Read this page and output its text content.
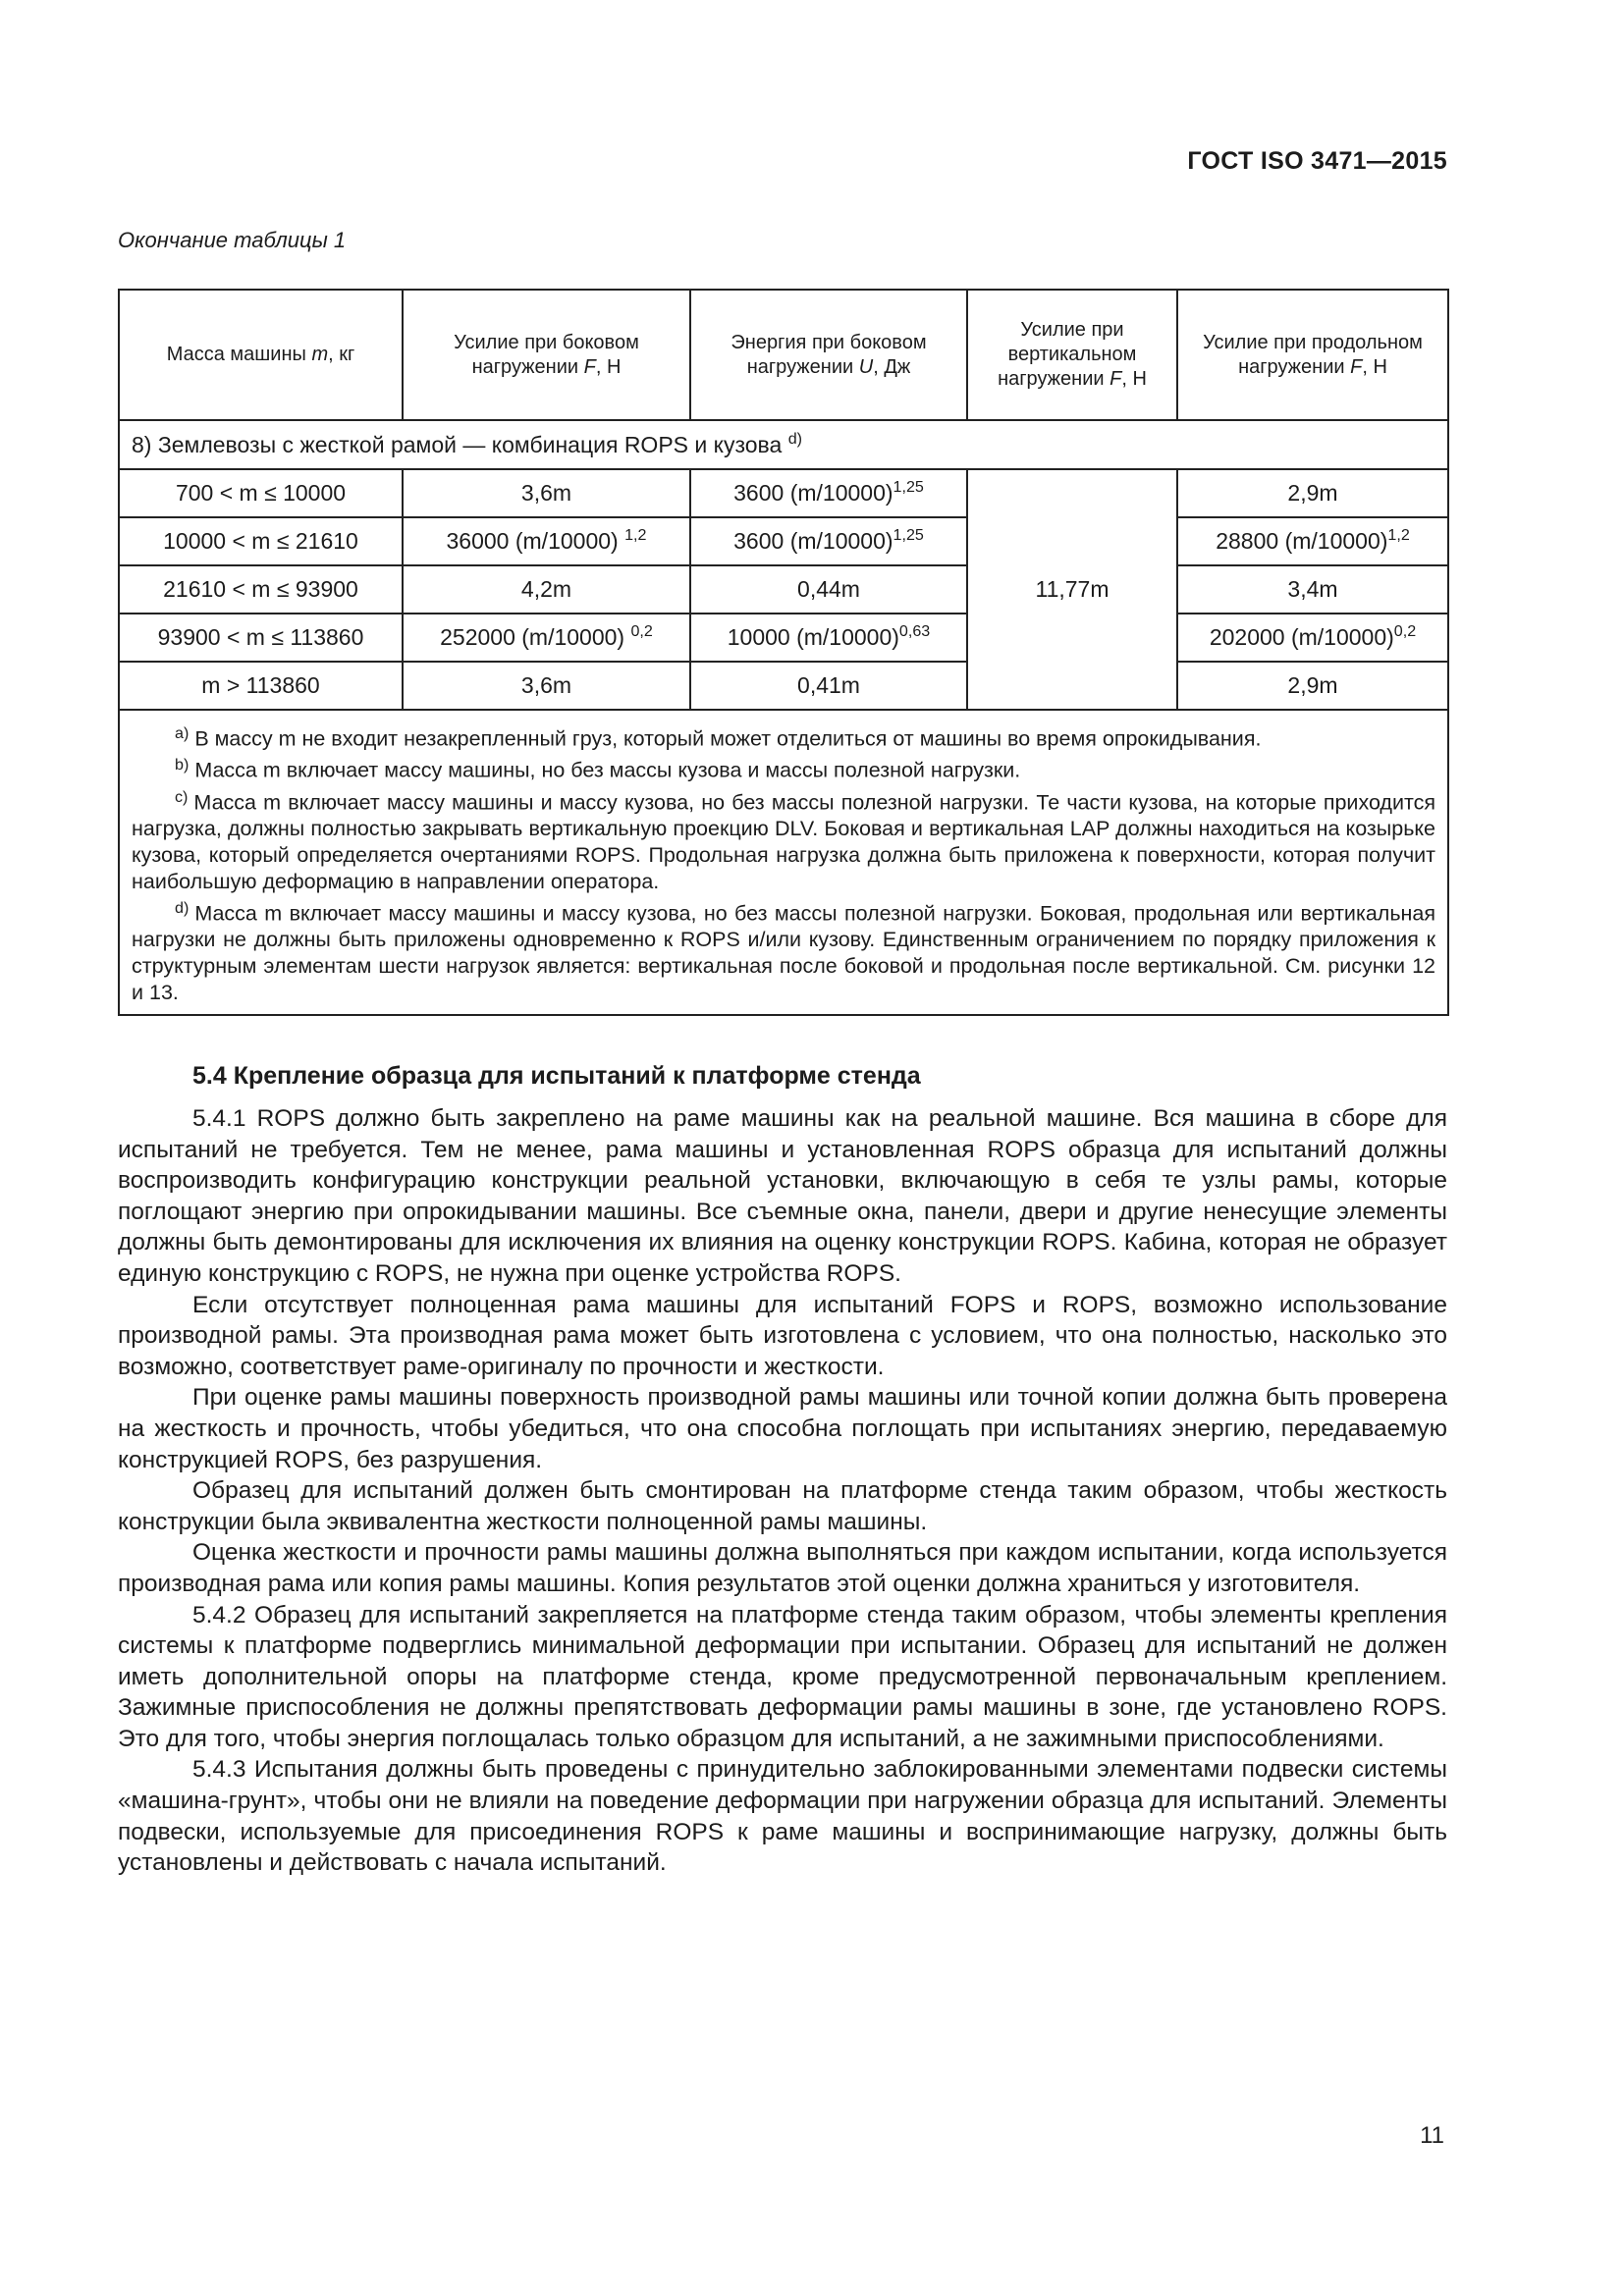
ГОСТ ISO 3471—2015
Окончание таблицы 1
Масса машины m, кг	Усилие при боковом нагружении F, Н	Энергия при боковом нагружении U, Дж	Усилие при вертикальном нагружении F, Н	Усилие при продольном нагружении F, Н
8) Землевозы с жесткой рамой — комбинация ROPS и кузова $^{d)}$
700 < m ≤ 10000	3,6m	3600 $(m/10000)^{1,25}$	11,77m	2,9m
10000 < m ≤ 21610	36000 (m/10000) $^{1,2}$	3600 $(m/10000)^{1,25}$		28800 $(m/10000)^{1,2}$
21610 < m ≤ 93900	4,2m	0,44m		3,4m
93900 < m ≤ 113860	252000 (m/10000) $^{0,2}$	10000 $(m/10000)^{0,63}$		202000 $(m/10000)^{0,2}$
m > 113860	3,6m	0,41m		2,9m

$^{a)}$ В массу m не входит незакрепленный груз, который может отделиться от машины во время опрокидывания.

$^{b)}$ Масса m включает массу машины, но без массы кузова и массы полезной нагрузки.

$^{c)}$ Масса m включает массу машины и массу кузова, но без массы полезной нагрузки. Те части кузова, на которые приходится нагрузка, должны полностью закрывать вертикальную проекцию DLV. Боковая и вертикальная LAP должны находиться на козырьке кузова, который определяется очертаниями ROPS. Продольная нагрузка должна быть приложена к поверхности, которая получит наибольшую деформацию в направлении оператора.

$^{d)}$ Масса m включает массу машины и массу кузова, но без массы полезной нагрузки. Боковая, продольная или вертикальная нагрузки не должны быть приложены одновременно к ROPS и/или кузову. Единственным ограничением по порядку приложения к структурным элементам шести нагрузок является: вертикальная после боковой и продольная после вертикальной. См. рисунки 12 и 13.				

5.4 Крепление образца для испытаний к платформе стенда

5.4.1 ROPS должно быть закреплено на раме машины как на реальной машине. Вся машина в сборе для испытаний не требуется. Тем не менее, рама машины и установленная ROPS образца для испытаний должны воспроизводить конфигурацию конструкции реальной установки, включающую в себя те узлы рамы, которые поглощают энергию при опрокидывании машины. Все съемные окна, панели, двери и другие ненесущие элементы должны быть демонтированы для исключения их влияния на оценку конструкции ROPS. Кабина, которая не образует единую конструкцию с ROPS, не нужна при оценке устройства ROPS.

Если отсутствует полноценная рама машины для испытаний FOPS и ROPS, возможно использование производной рамы. Эта производная рама может быть изготовлена с условием, что она полностью, насколько это возможно, соответствует раме-оригиналу по прочности и жесткости.

При оценке рамы машины поверхность производной рамы машины или точной копии должна быть проверена на жесткость и прочность, чтобы убедиться, что она способна поглощать при испытаниях энергию, передаваемую конструкцией ROPS, без разрушения.

Образец для испытаний должен быть смонтирован на платформе стенда таким образом, чтобы жесткость конструкции была эквивалентна жесткости полноценной рамы машины.

Оценка жесткости и прочности рамы машины должна выполняться при каждом испытании, когда используется производная рама или копия рамы машины. Копия результатов этой оценки должна храниться у изготовителя.

5.4.2 Образец для испытаний закрепляется на платформе стенда таким образом, чтобы элементы крепления системы к платформе подверглись минимальной деформации при испытании. Образец для испытаний не должен иметь дополнительной опоры на платформе стенда, кроме предусмотренной первоначальным креплением. Зажимные приспособления не должны препятствовать деформации рамы машины в зоне, где установлено ROPS. Это для того, чтобы энергия поглощалась только образцом для испытаний, а не зажимными приспособлениями.

5.4.3 Испытания должны быть проведены с принудительно заблокированными элементами подвески системы «машина-грунт», чтобы они не влияли на поведение деформации при нагружении образца для испытаний. Элементы подвески, используемые для присоединения ROPS к раме машины и воспринимающие нагрузку, должны быть установлены и действовать с начала испытаний.

11
